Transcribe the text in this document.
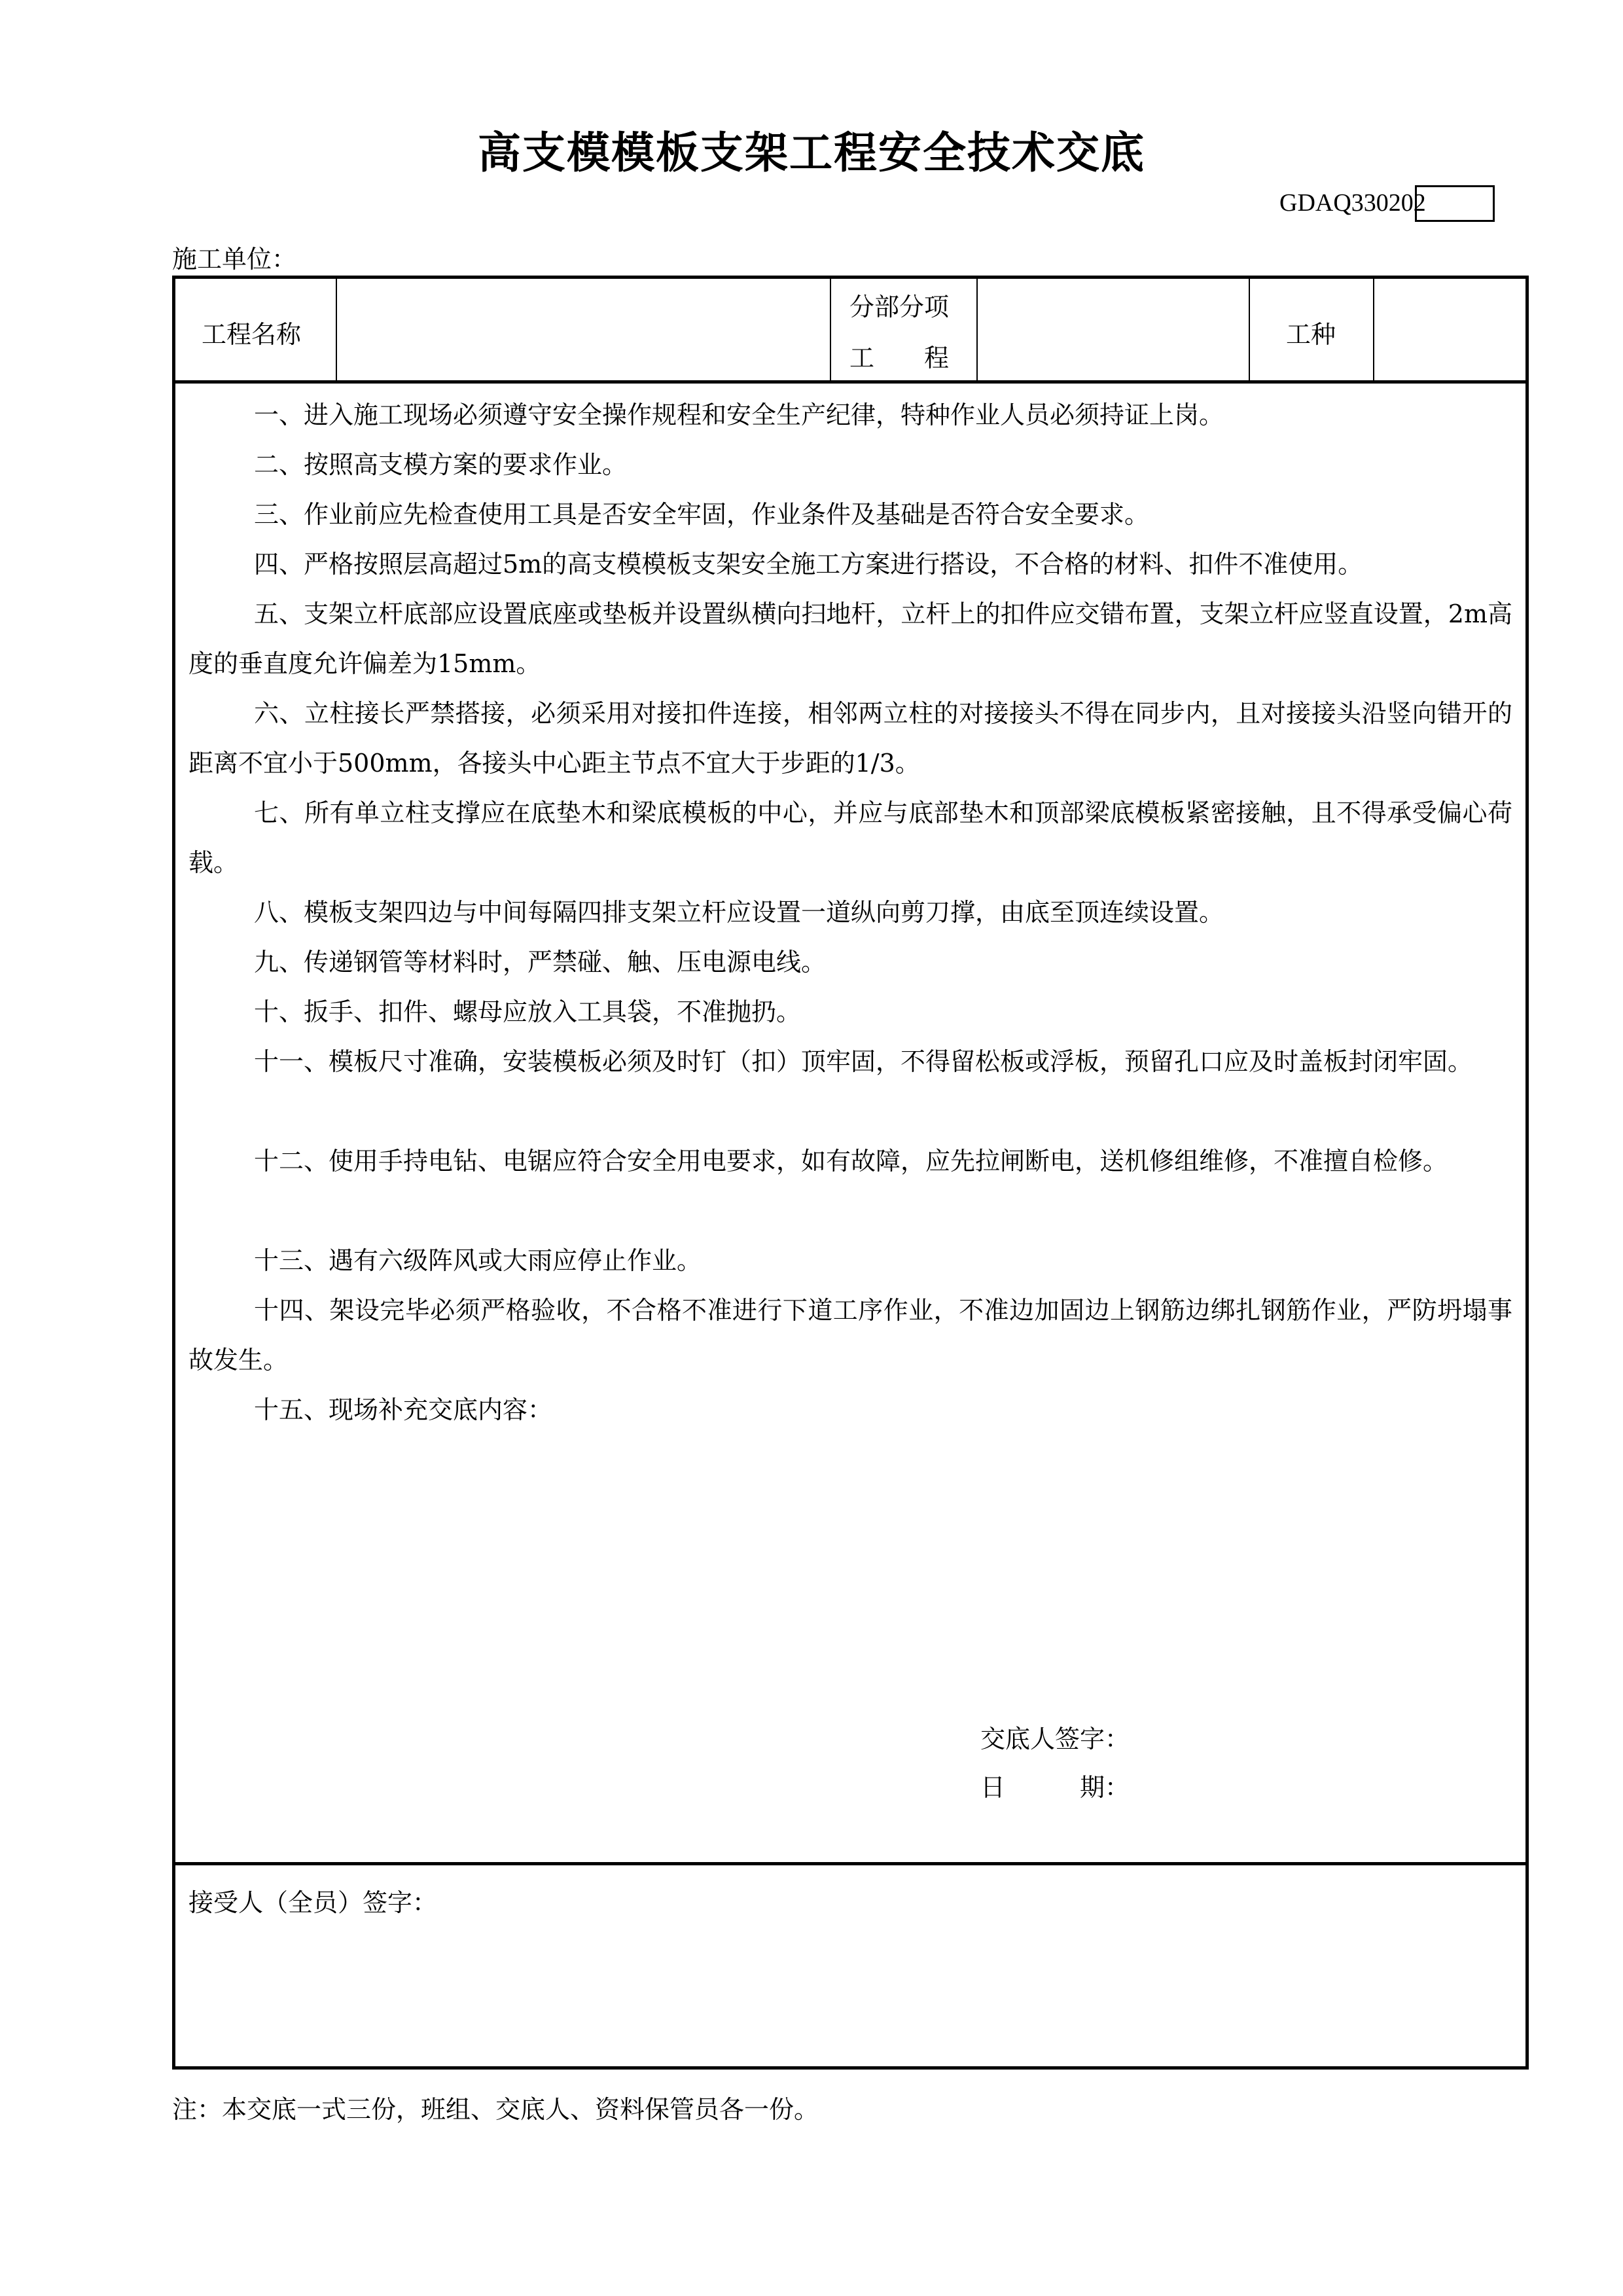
高支模模板支架工程安全技术交底
GDAQ330202
施工单位：
工程名称
分部分项
工　　程
工种
一、进入施工现场必须遵守安全操作规程和安全生产纪律，特种作业人员必须持证上岗。
二、按照高支模方案的要求作业。
三、作业前应先检查使用工具是否安全牢固，作业条件及基础是否符合安全要求。
四、严格按照层高超过5m的高支模模板支架安全施工方案进行搭设，不合格的材料、扣件不准使用。
五、支架立杆底部应设置底座或垫板并设置纵横向扫地杆，立杆上的扣件应交错布置，支架立杆应竖直设置，2m高度的垂直度允许偏差为15mm。
六、立柱接长严禁搭接，必须采用对接扣件连接，相邻两立柱的对接接头不得在同步内，且对接接头沿竖向错开的距离不宜小于500mm，各接头中心距主节点不宜大于步距的1/3。
七、所有单立柱支撑应在底垫木和梁底模板的中心，并应与底部垫木和顶部梁底模板紧密接触，且不得承受偏心荷载。
八、模板支架四边与中间每隔四排支架立杆应设置一道纵向剪刀撑，由底至顶连续设置。
九、传递钢管等材料时，严禁碰、触、压电源电线。
十、扳手、扣件、螺母应放入工具袋，不准抛扔。
十一、模板尺寸准确，安装模板必须及时钉（扣）顶牢固，不得留松板或浮板，预留孔口应及时盖板封闭牢固。
十二、使用手持电钻、电锯应符合安全用电要求，如有故障，应先拉闸断电，送机修组维修，不准擅自检修。
十三、遇有六级阵风或大雨应停止作业。
十四、架设完毕必须严格验收，不合格不准进行下道工序作业，不准边加固边上钢筋边绑扎钢筋作业，严防坍塌事故发生。
十五、现场补充交底内容：
交底人签字：
日　　　期：
接受人（全员）签字：
注：本交底一式三份，班组、交底人、资料保管员各一份。
